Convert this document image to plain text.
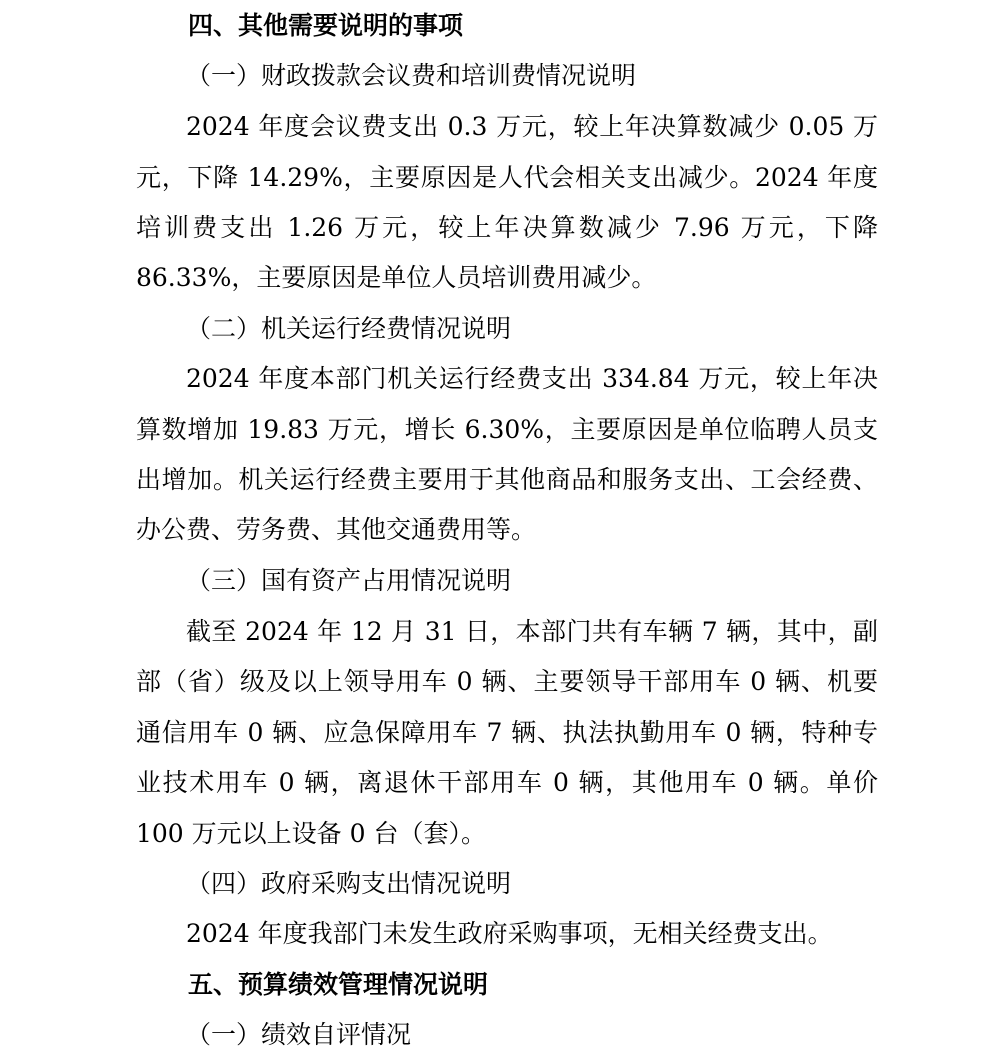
四、其他需要说明的事项
（一）财政拨款会议费和培训费情况说明
2024 年度会议费支出 0.3 万元，较上年决算数减少 0.05 万
元，下降 14.29%，主要原因是人代会相关支出减少。2024 年度
培训费支出 1.26 万元，较上年决算数减少 7.96 万元，下降
86.33%，主要原因是单位人员培训费用减少。
（二）机关运行经费情况说明
2024 年度本部门机关运行经费支出 334.84 万元，较上年决
算数增加 19.83 万元，增长 6.30%，主要原因是单位临聘人员支
出增加。机关运行经费主要用于其他商品和服务支出、工会经费、
办公费、劳务费、其他交通费用等。
（三）国有资产占用情况说明
截至 2024 年 12 月 31 日，本部门共有车辆 7 辆，其中，副
部（省）级及以上领导用车 0 辆、主要领导干部用车 0 辆、机要
通信用车 0 辆、应急保障用车 7 辆、执法执勤用车 0 辆，特种专
业技术用车 0 辆，离退休干部用车 0 辆，其他用车 0 辆。单价
100 万元以上设备 0 台（套）。
（四）政府采购支出情况说明
2024 年度我部门未发生政府采购事项，无相关经费支出。
五、预算绩效管理情况说明
（一）绩效自评情况
